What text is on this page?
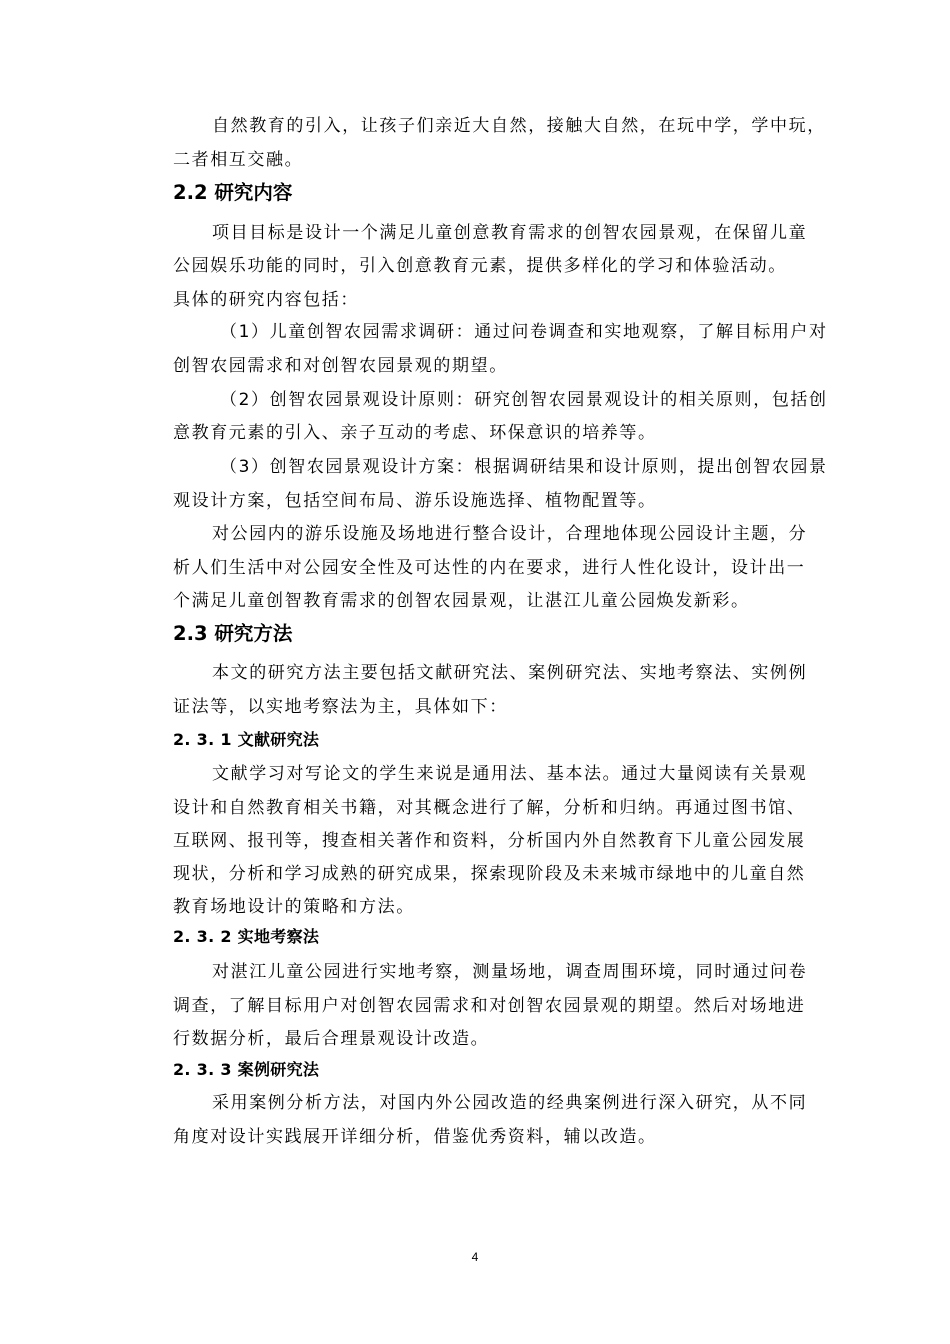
自然教育的引入，让孩子们亲近大自然，接触大自然，在玩中学，学中玩，

二者相互交融。

2.2 研究内容

项目目标是设计一个满足儿童创意教育需求的创智农园景观，在保留儿童

公园娱乐功能的同时，引入创意教育元素，提供多样化的学习和体验活动。

具体的研究内容包括：

（1）儿童创智农园需求调研：通过问卷调查和实地观察，了解目标用户对

创智农园需求和对创智农园景观的期望。

（2）创智农园景观设计原则：研究创智农园景观设计的相关原则，包括创

意教育元素的引入、亲子互动的考虑、环保意识的培养等。

（3）创智农园景观设计方案：根据调研结果和设计原则，提出创智农园景

观设计方案，包括空间布局、游乐设施选择、植物配置等。

对公园内的游乐设施及场地进行整合设计，合理地体现公园设计主题，分

析人们生活中对公园安全性及可达性的内在要求，进行人性化设计，设计出一

个满足儿童创智教育需求的创智农园景观，让湛江儿童公园焕发新彩。

2.3 研究方法

本文的研究方法主要包括文献研究法、案例研究法、实地考察法、实例例

证法等，以实地考察法为主，具体如下：

2. 3. 1 文献研究法

文献学习对写论文的学生来说是通用法、基本法。通过大量阅读有关景观

设计和自然教育相关书籍，对其概念进行了解，分析和归纳。再通过图书馆、

互联网、报刊等，搜查相关著作和资料，分析国内外自然教育下儿童公园发展

现状，分析和学习成熟的研究成果，探索现阶段及未来城市绿地中的儿童自然

教育场地设计的策略和方法。

2. 3. 2 实地考察法

对湛江儿童公园进行实地考察，测量场地，调查周围环境，同时通过问卷

调查，了解目标用户对创智农园需求和对创智农园景观的期望。然后对场地进

行数据分析，最后合理景观设计改造。

2. 3. 3 案例研究法

采用案例分析方法，对国内外公园改造的经典案例进行深入研究，从不同

角度对设计实践展开详细分析，借鉴优秀资料，辅以改造。

4
